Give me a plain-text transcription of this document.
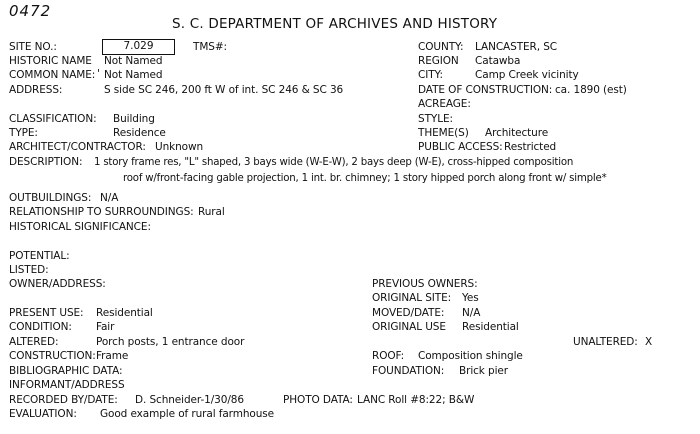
0472
S. C. DEPARTMENT OF ARCHIVES AND HISTORY
SITE NO.:	7.029	TMS#:	COUNTY: LANCASTER, SC
HISTORIC NAME Not Named	REGION Catawba
COMMON NAME: ' Not Named	CITY:	Camp Creek vicinity
ADDRESS:	S side SC 246, 200 ft W of int. SC 246 & SC 36	DATE OF CONSTRUCTION: ca. 1890 (est)
ACREAGE:
CLASSIFICATION: Building	STYLE:
TYPE:	Residence	THEME(S) Architecture
ARCHITECT/CONTRACTOR: Unknown	PUBLIC ACCESS: Restricted
DESCRIPTION: 1 story frame res, "L" shaped, 3 bays wide (W-E-W), 2 bays deep (W-E), cross-hipped composition
roof w/front-facing gable projection, 1 int. br. chimney; 1 story hipped porch along front w/ simple*
OUTBUILDINGS: N/A
RELATIONSHIP TO SURROUNDINGS: Rural
HISTORICAL SIGNIFICANCE:
POTENTIAL:
LISTED:
OWNER/ADDRESS:	PREVIOUS OWNERS:
ORIGINAL SITE: Yes
PRESENT USE: Residential	MOVED/DATE: N/A
CONDITION: Fair	ORIGINAL USE Residential
ALTERED:	Porch posts, 1 entrance door	UNALTERED: X
CONSTRUCTION: Frame	ROOF: Composition shingle
BIBLIOGRAPHIC DATA:	FOUNDATION: Brick pier
INFORMANT/ADDRESS
RECORDED BY/DATE: D. Schneider-1/30/86	PHOTO DATA: LANC Roll #8:22; B&W
EVALUATION: Good example of rural farmhouse
